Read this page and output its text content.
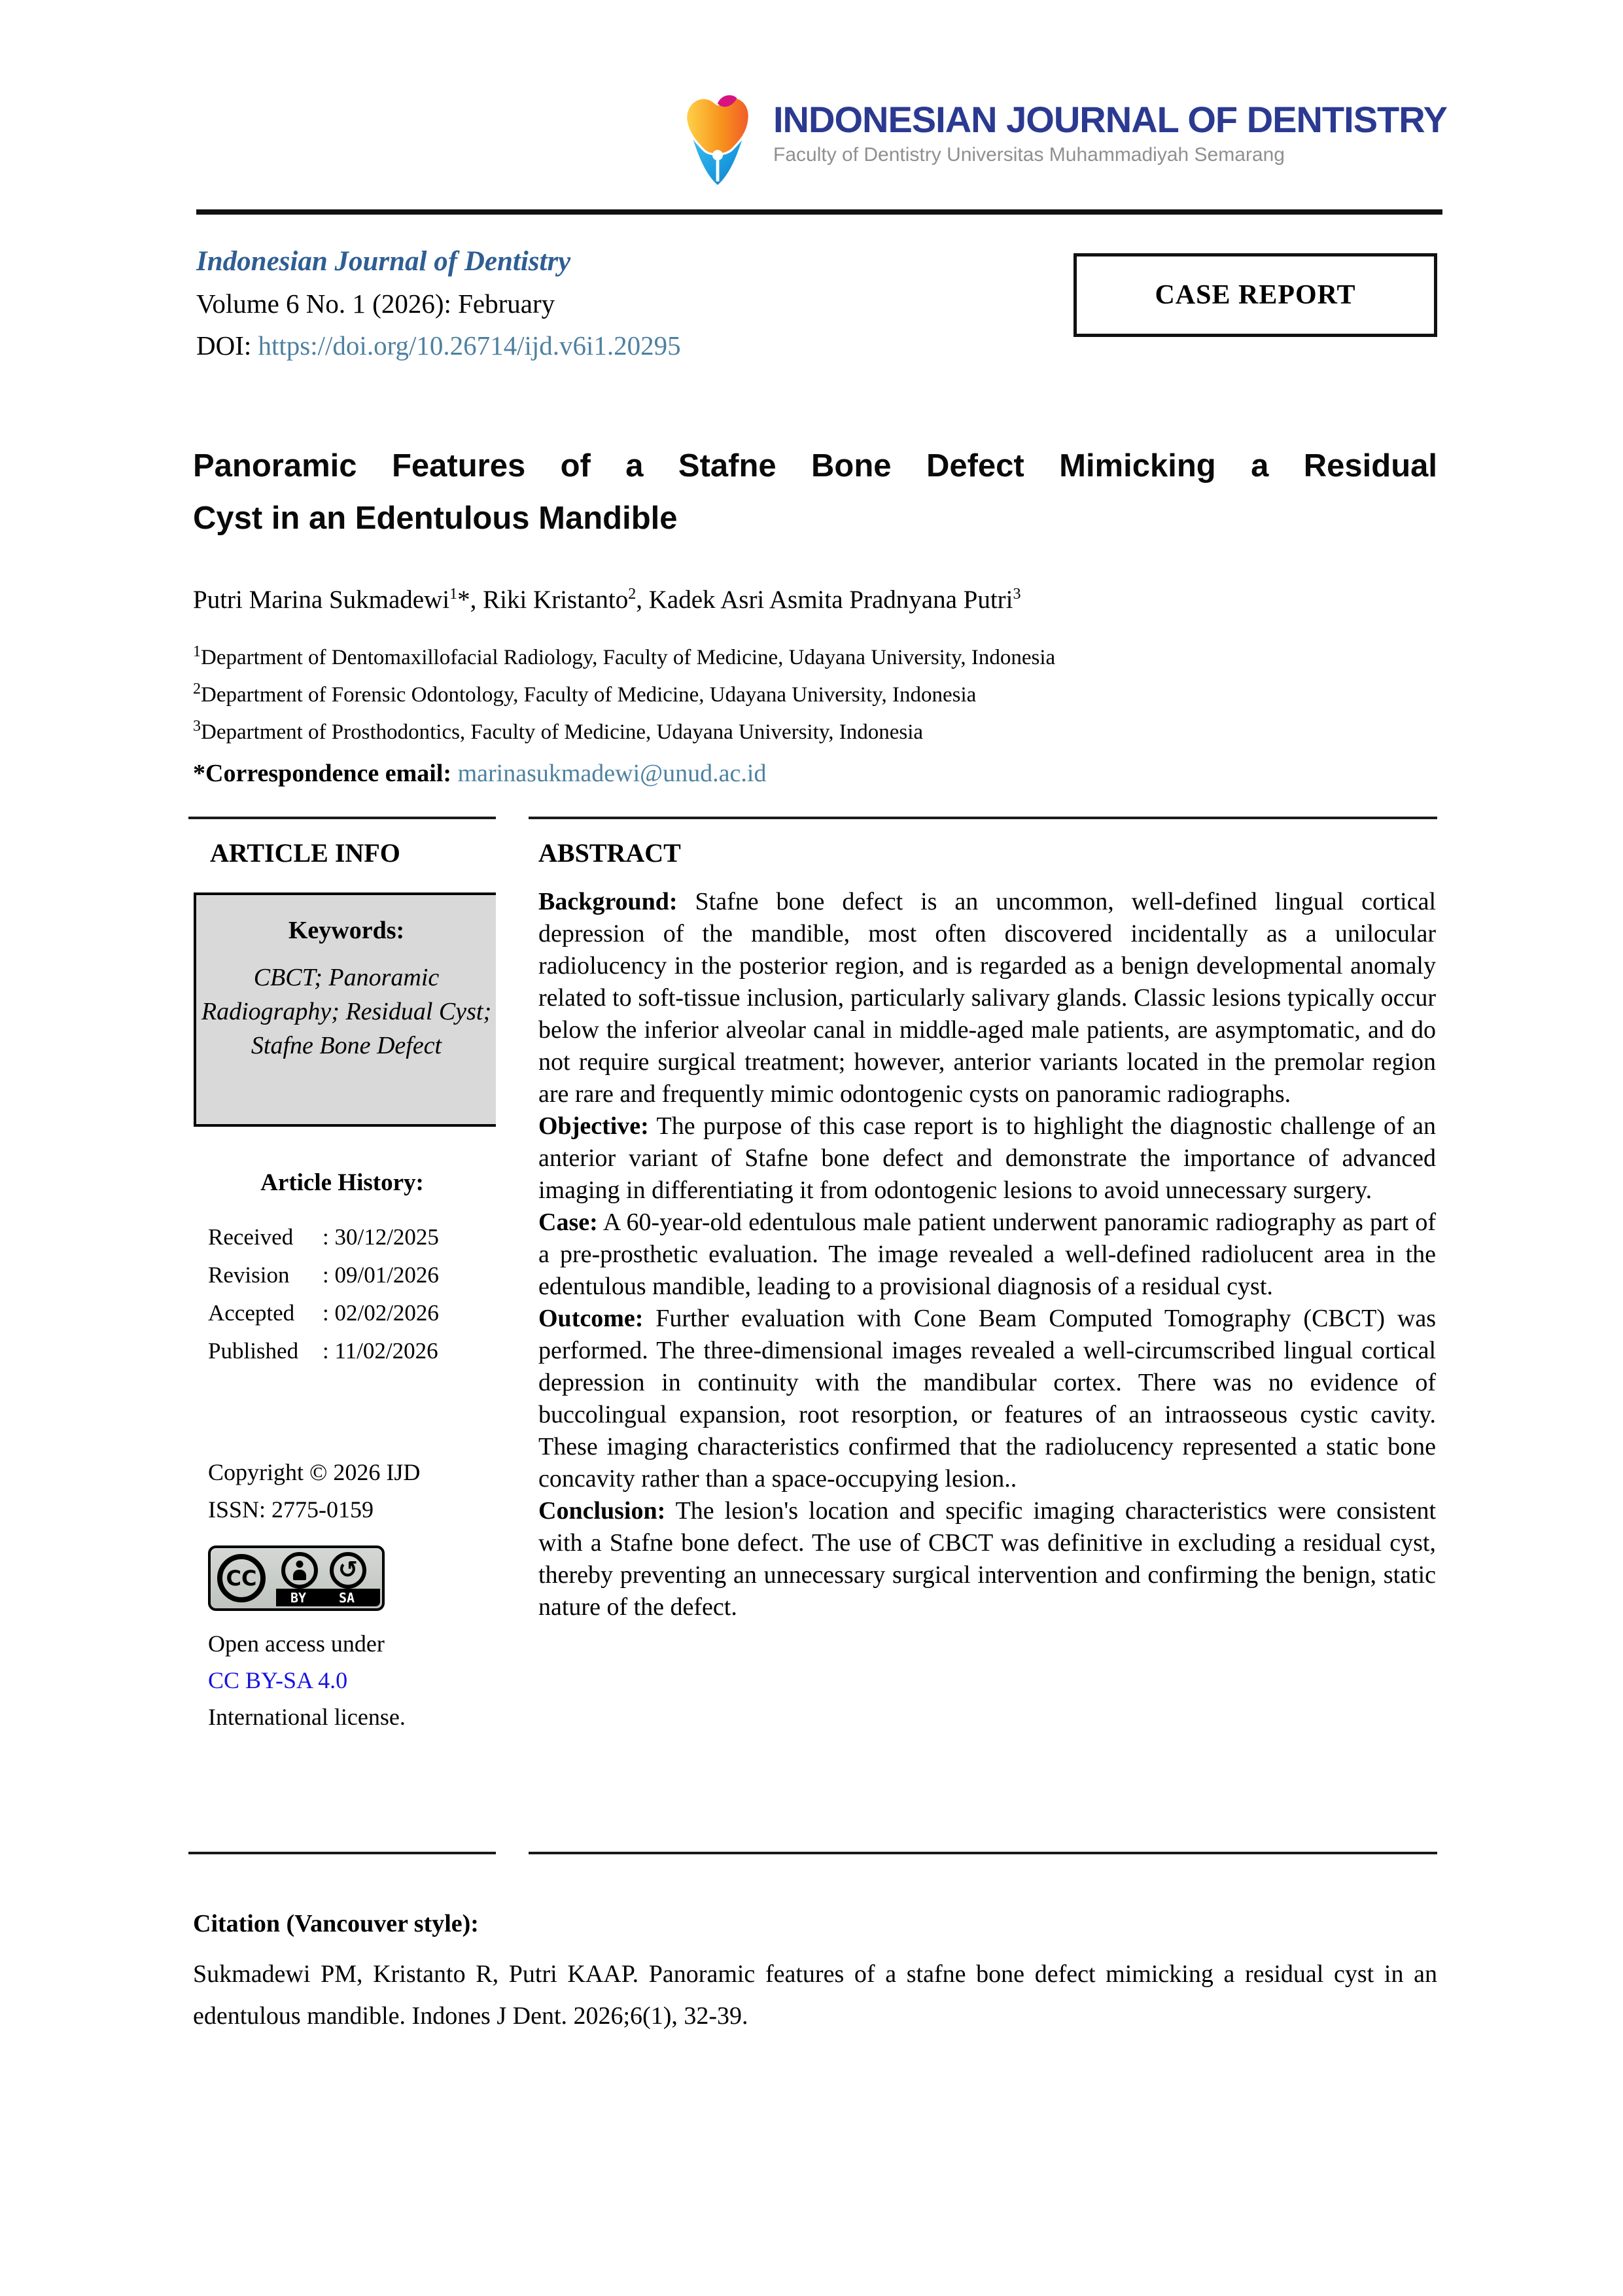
INDONESIAN JOURNAL OF DENTISTRY
Faculty of Dentistry Universitas Muhammadiyah Semarang
Indonesian Journal of Dentistry
Volume 6 No. 1 (2026): February
DOI: https://doi.org/10.26714/ijd.v6i1.20295
CASE REPORT
Panoramic Features of a Stafne Bone Defect Mimicking a Residual
Cyst in an Edentulous Mandible
Putri Marina Sukmadewi$^1$*, Riki Kristanto$^2$, Kadek Asri Asmita Pradnyana Putri$^3$
$^1$Department of Dentomaxillofacial Radiology, Faculty of Medicine, Udayana University, Indonesia
$^2$Department of Forensic Odontology, Faculty of Medicine, Udayana University, Indonesia
$^3$Department of Prosthodontics, Faculty of Medicine, Udayana University, Indonesia
*Correspondence email: marinasukmadewi@unud.ac.id
ARTICLE INFO
Keywords:
CBCT; Panoramic Radiography; Residual Cyst; Stafne Bone Defect
Article History:
Received : 30/12/2025
Revision : 09/01/2026
Accepted : 02/02/2026
Published : 11/02/2026
Copyright © 2026 IJD
ISSN: 2775-0159
CC	↺
BY	SA
Open access under
CC BY-SA 4.0
International license.
ABSTRACT

Background: Stafne bone defect is an uncommon, well-defined lingual cortical depression of the mandible, most often discovered incidentally as a unilocular radiolucency in the posterior region, and is regarded as a benign developmental anomaly related to soft-tissue inclusion, particularly salivary glands. Classic lesions typically occur below the inferior alveolar canal in middle-aged male patients, are asymptomatic, and do not require surgical treatment; however, anterior variants located in the premolar region are rare and frequently mimic odontogenic cysts on panoramic radiographs.

Objective: The purpose of this case report is to highlight the diagnostic challenge of an anterior variant of Stafne bone defect and demonstrate the importance of advanced imaging in differentiating it from odontogenic lesions to avoid unnecessary surgery.

Case: A 60-year-old edentulous male patient underwent panoramic radiography as part of a pre-prosthetic evaluation. The image revealed a well-defined radiolucent area in the edentulous mandible, leading to a provisional diagnosis of a residual cyst.

Outcome: Further evaluation with Cone Beam Computed Tomography (CBCT) was performed. The three-dimensional images revealed a well-circumscribed lingual cortical depression in continuity with the mandibular cortex. There was no evidence of buccolingual expansion, root resorption, or features of an intraosseous cystic cavity. These imaging characteristics confirmed that the radiolucency represented a static bone concavity rather than a space-occupying lesion..

Conclusion: The lesion's location and specific imaging characteristics were consistent with a Stafne bone defect. The use of CBCT was definitive in excluding a residual cyst, thereby preventing an unnecessary surgical intervention and confirming the benign, static nature of the defect.

Citation (Vancouver style):
Sukmadewi PM, Kristanto R, Putri KAAP. Panoramic features of a stafne bone defect mimicking a residual cyst in an edentulous mandible. Indones J Dent. 2026;6(1), 32-39.
